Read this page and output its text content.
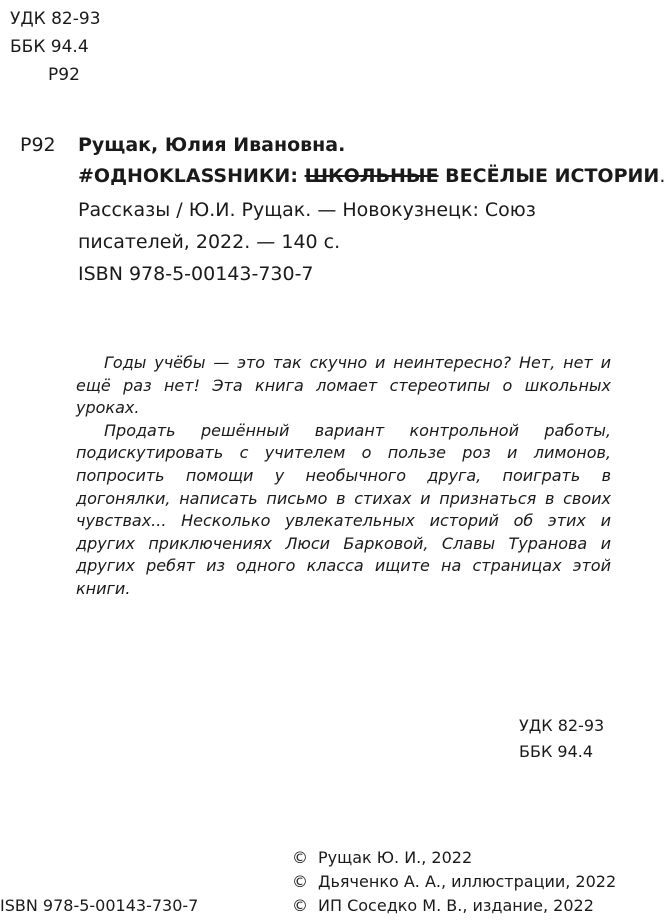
УДК 82-93
ББК 94.4
Р92
Р92 Рущак, Юлия Ивановна.
#ОДНОKLASSНИКИ: ШКОЛЬНЫЕ ВЕСЁЛЫЕ ИСТОРИИ.
Рассказы / Ю.И. Рущак. — Новокузнецк: Союз
писателей, 2022. — 140 с.
ISBN 978-5-00143-730-7

Годы учёбы — это так скучно и неинтересно? Нет, нет и ещё раз нет! Эта книга ломает стереотипы о школьных уроках.

Продать решённый вариант контрольной работы, подискутировать с учителем о пользе роз и лимонов, попросить помощи у необычного друга, поиграть в догонялки, написать письмо в стихах и признаться в своих чувствах... Несколько увлекательных историй об этих и других приключениях Люси Барковой, Славы Туранова и других ребят из одного класса ищите на страницах этой книги.

УДК 82-93
ББК 94.4
© Рущак Ю. И., 2022
© Дьяченко А. А., иллюстрации, 2022
ISBN 978-5-00143-730-7	© ИП Соседко М. В., издание, 2022
